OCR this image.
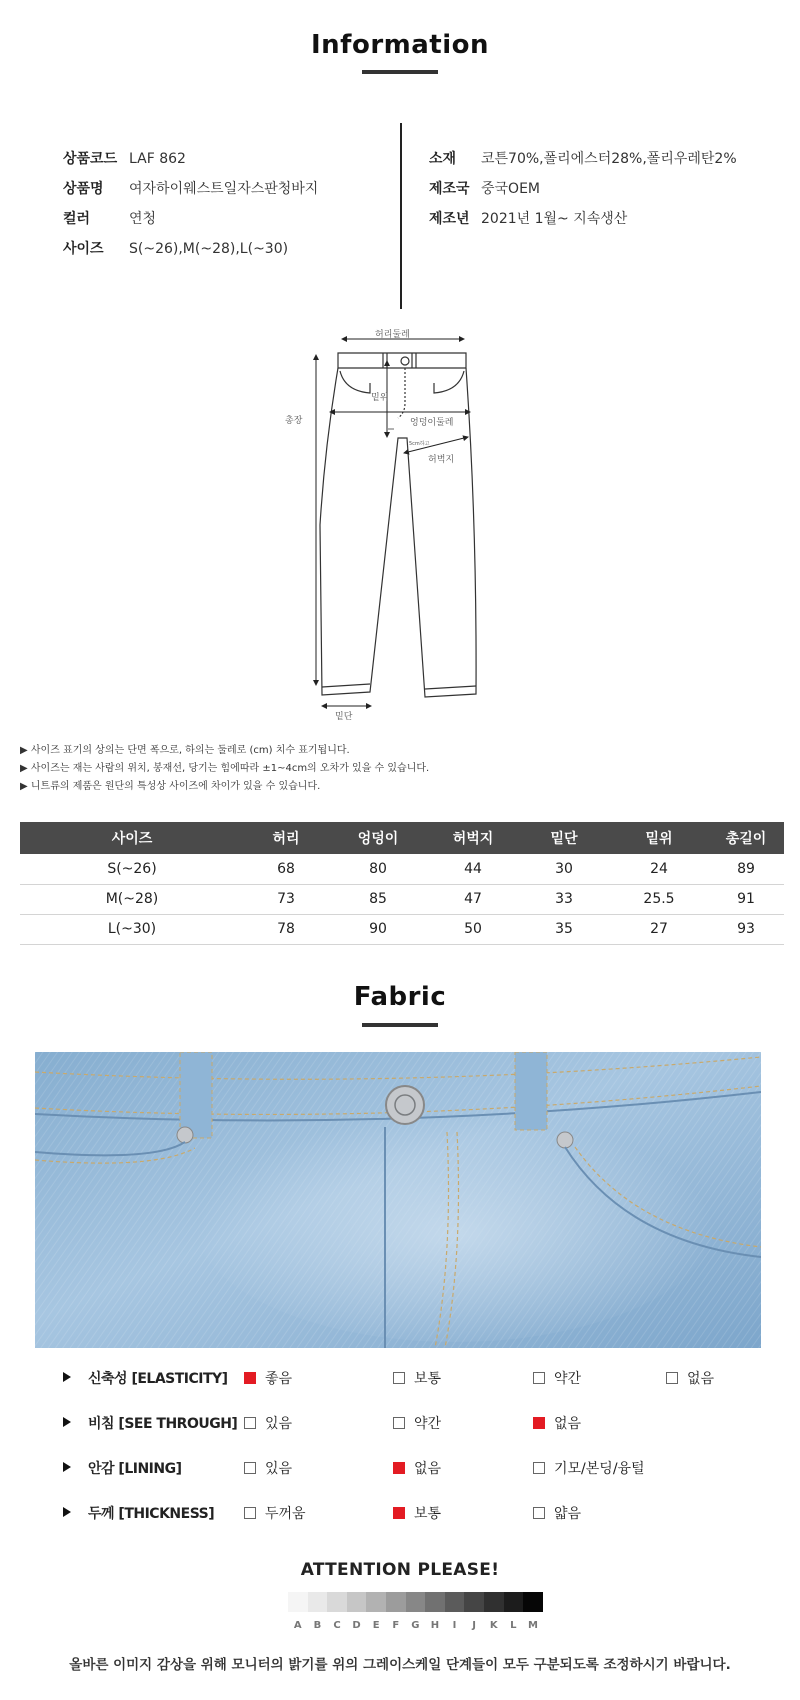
Information
상품코드 LAF 862
상품명 여자하이웨스트일자스판청바지
컬러	연청
사이즈 S(~26),M(~28),L(~30)
소재 코튼70%,폴리에스터28%,폴리우레탄2%
제조국 중국OEM
제조년 2021년 1월~ 지속생산
허리둘레
밑위
엉덩이둘레
총장
허벅지
밑단
5cm하고
▶ 사이즈 표기의 상의는 단면 폭으로, 하의는 둘레로 (cm) 치수 표기됩니다.
▶ 사이즈는 재는 사람의 위치, 봉재선, 당기는 힘에따라 ±1~4cm의 오차가 있을 수 있습니다.
▶ 니트류의 제품은 원단의 특성상 사이즈에 차이가 있을 수 있습니다.
사이즈	허리	엉덩이	허벅지	밑단	밑위	총길이
S(~26)	68	80	44	30	24	89
M(~28)	73	85	47	33	25.5	91
L(~30)	78	90	50	35	27	93
Fabric
신축성 [ELASTICITY]	좋음	보통	약간	없음
비침 [SEE THROUGH]	있음	약간	없음
안감 [LINING]	있음	없음	기모/본딩/융털
두께 [THICKNESS]	두꺼움	보통	얇음
ATTENTION PLEASE!
A	B	C	D	E	F	G	H	I	J	K	L	M
올바른 이미지 감상을 위해 모니터의 밝기를 위의 그레이스케일 단계들이 모두 구분되도록 조정하시기 바랍니다.
